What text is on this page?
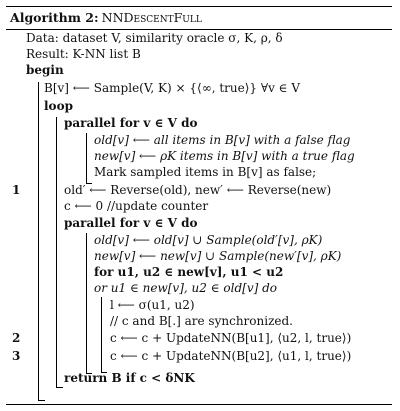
Algorithm 2: NNDescentFull
Data: dataset V, similarity oracle σ, K, ρ, δ
Result: K-NN list B
begin
B[v] ⟵ Sample(V, K) × {⟨∞, true⟩} ∀v ∈ V
loop
parallel for v ∈ V do
old[v] ⟵ all items in B[v] with a false flag
new[v] ⟵ ρK items in B[v] with a true flag
Mark sampled items in B[v] as false;
1	old′ ⟵ Reverse(old), new′ ⟵ Reverse(new)
c ⟵ 0 //update counter
parallel for v ∈ V do
old[v] ⟵ old[v] ∪ Sample(old′[v], ρK)
new[v] ⟵ new[v] ∪ Sample(new′[v], ρK)
for u1, u2 ∈ new[v], u1 < u2
or u1 ∈ new[v], u2 ∈ old[v] do
l ⟵ σ(u1, u2)
// c and B[.] are synchronized.
2	c ⟵ c + UpdateNN(B[u1], ⟨u2, l, true⟩)
3	c ⟵ c + UpdateNN(B[u2], ⟨u1, l, true⟩)
return B if c < δNK
